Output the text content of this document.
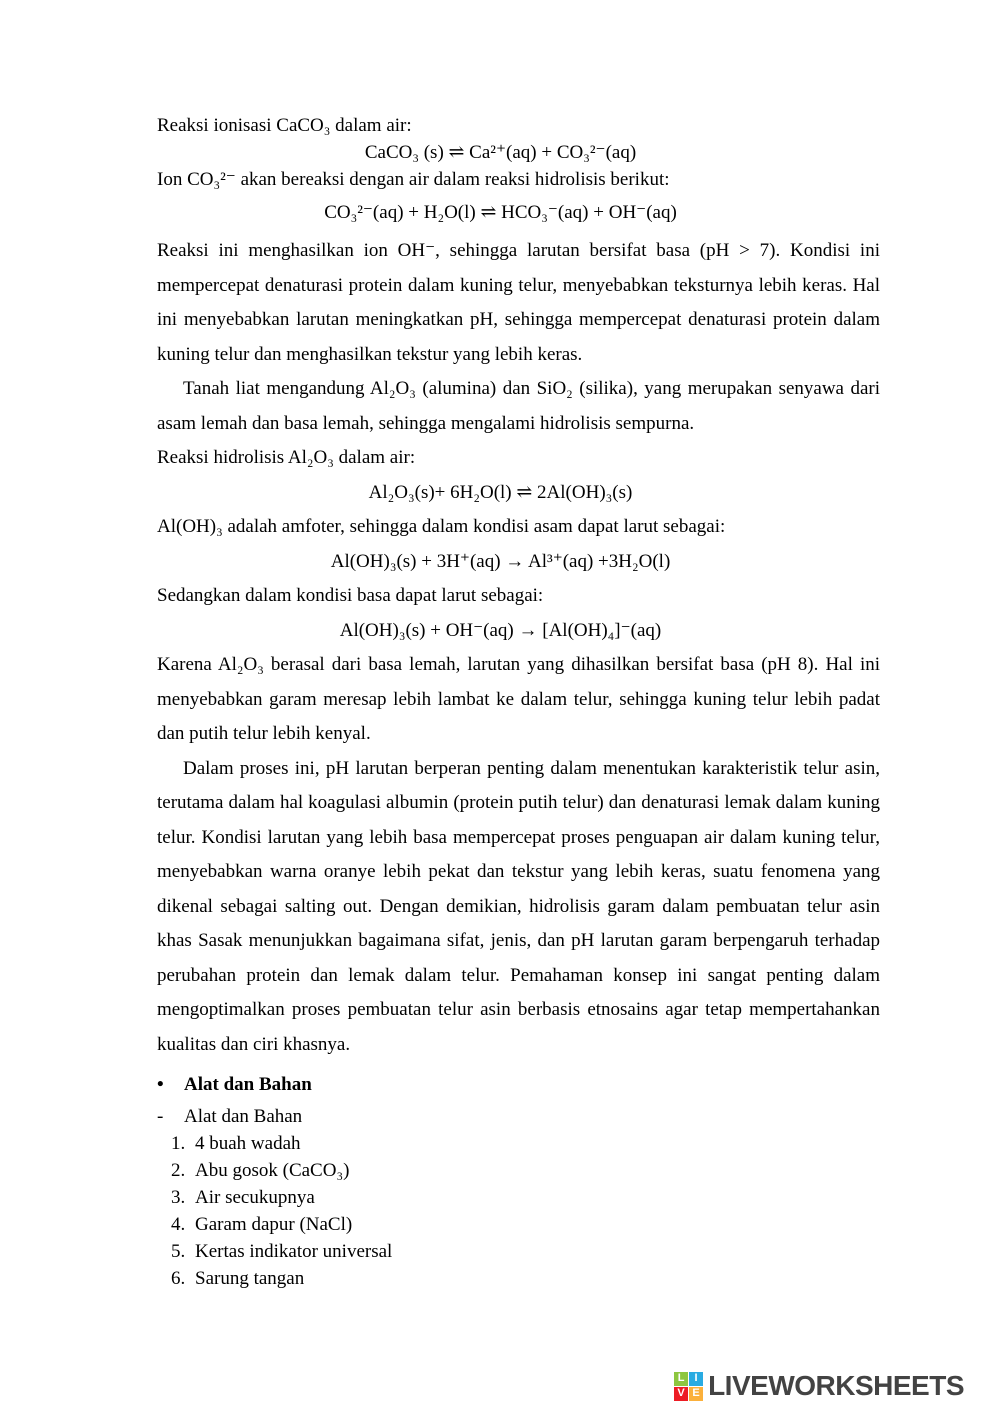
Reaksi ionisasi CaCO₃ dalam air:
CaCO₃ (s) ⇌ Ca²⁺(aq) + CO₃²⁻(aq)
Ion CO₃²⁻ akan bereaksi dengan air dalam reaksi hidrolisis berikut:
CO₃²⁻(aq) + H₂O(l) ⇌ HCO₃⁻(aq) + OH⁻(aq)

Reaksi ini menghasilkan ion OH⁻, sehingga larutan bersifat basa (pH > 7). Kondisi ini mempercepat denaturasi protein dalam kuning telur, menyebabkan teksturnya lebih keras. Hal ini menyebabkan larutan meningkatkan pH, sehingga mempercepat denaturasi protein dalam kuning telur dan menghasilkan tekstur yang lebih keras.

Tanah liat mengandung Al₂O₃ (alumina) dan SiO₂ (silika), yang merupakan senyawa dari asam lemah dan basa lemah, sehingga mengalami hidrolisis sempurna.

Reaksi hidrolisis Al₂O₃ dalam air:
Al₂O₃(s)+ 6H₂O(l) ⇌ 2Al(OH)₃(s)
Al(OH)₃ adalah amfoter, sehingga dalam kondisi asam dapat larut sebagai:
Al(OH)₃(s) + 3H⁺(aq) → Al³⁺(aq) +3H₂O(l)
Sedangkan dalam kondisi basa dapat larut sebagai:
Al(OH)₃(s) + OH⁻(aq) → [Al(OH)₄]⁻(aq)

Karena Al₂O₃ berasal dari basa lemah, larutan yang dihasilkan bersifat basa (pH 8). Hal ini menyebabkan garam meresap lebih lambat ke dalam telur, sehingga kuning telur lebih padat dan putih telur lebih kenyal.

Dalam proses ini, pH larutan berperan penting dalam menentukan karakteristik telur asin, terutama dalam hal koagulasi albumin (protein putih telur) dan denaturasi lemak dalam kuning telur. Kondisi larutan yang lebih basa mempercepat proses penguapan air dalam kuning telur, menyebabkan warna oranye lebih pekat dan tekstur yang lebih keras, suatu fenomena yang dikenal sebagai salting out. Dengan demikian, hidrolisis garam dalam pembuatan telur asin khas Sasak menunjukkan bagaimana sifat, jenis, dan pH larutan garam berpengaruh terhadap perubahan protein dan lemak dalam telur. Pemahaman konsep ini sangat penting dalam mengoptimalkan proses pembuatan telur asin berbasis etnosains agar tetap mempertahankan kualitas dan ciri khasnya.

•	Alat dan Bahan
-	Alat dan Bahan
1. 4 buah wadah
2. Abu gosok (CaCO₃)
3. Air secukupnya
4. Garam dapur (NaCl)
5. Kertas indikator universal
6. Sarung tangan
L I
V E LIVEWORKSHEETS
